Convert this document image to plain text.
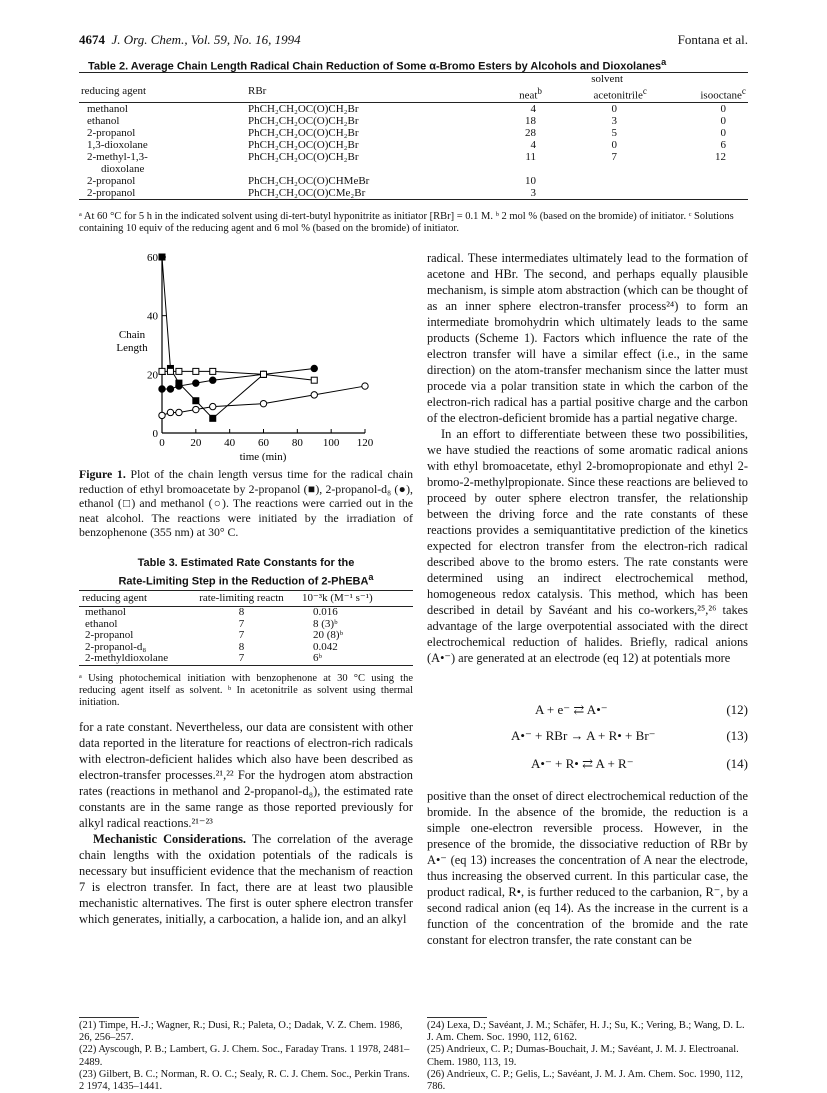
4674 J. Org. Chem., Vol. 59, No. 16, 1994	Fontana et al.
Table 2. Average Chain Length Radical Chain Reduction of Some α-Bromo Esters by Alcohols and Dioxolanes$^a$
		solvent		
reducing agent	RBr	neat$^b$	acetonitrile$^c$	isooctane$^c$
methanol	PhCH₂CH₂OC(O)CH₂Br	4	0	0
ethanol	PhCH₂CH₂OC(O)CH₂Br	18	3	0
2-propanol	PhCH₂CH₂OC(O)CH₂Br	28	5	0
1,3-dioxolane	PhCH₂CH₂OC(O)CH₂Br	4	0	6
2-methyl-1,3-	PhCH₂CH₂OC(O)CH₂Br	11	7	12
dioxolane				
2-propanol	PhCH₂CH₂OC(O)CHMeBr	10		
2-propanol	PhCH₂CH₂OC(O)CMe₂Br	3		
ᵃ At 60 °C for 5 h in the indicated solvent using di-tert-butyl hyponitrite as initiator [RBr] = 0.1 M. ᵇ 2 mol % (based on the bromide) of initiator. ᶜ Solutions containing 10 equiv of the reducing agent and 6 mol % (based on the bromide) of initiator.
0 20 40 60 80 100 120
0
20
40
60
Chain
Length
time (min)
Figure 1. Plot of the chain length versus time for the radical chain reduction of ethyl bromoacetate by 2-propanol (■), 2-propanol-d₈ (●), ethanol (□) and methanol (○). The reactions were carried out in the neat alcohol. The reactions were initiated by the irradiation of benzophenone (355 nm) at 30° C.
Table 3. Estimated Rate Constants for the
Rate-Limiting Step in the Reduction of 2-PhEBA$^a$
reducing agent	rate-limiting reactn	10⁻³k (M⁻¹ s⁻¹)
methanol	8	0.016
ethanol	7	8 (3)ᵇ
2-propanol	7	20 (8)ᵇ
2-propanol-d₈	8	0.042
2-methyldioxolane	7	6ᵇ
ᵃ Using photochemical initiation with benzophenone at 30 °C using the reducing agent itself as solvent. ᵇ In acetonitrile as solvent using thermal initiation.

for a rate constant. Nevertheless, our data are consistent with other data reported in the literature for reactions of electron-rich radicals with electron-deficient halides which also have been described as electron-transfer processes.²¹,²² For the hydrogen atom abstraction rates (reactions in methanol and 2-propanol-d₈), the estimated rate constants are in the same range as those reported previously for alkyl radical reactions.²¹⁻²³

Mechanistic Considerations. The correlation of the average chain lengths with the oxidation potentials of the radicals is necessary but insufficient evidence that the mechanism of reaction 7 is electron transfer. In fact, there are at least two plausible mechanistic alternatives. The first is outer sphere electron transfer which generates, initially, a carbocation, a halide ion, and an alkyl

radical. These intermediates ultimately lead to the formation of acetone and HBr. The second, and perhaps equally plausible mechanism, is simple atom abstraction (which can be thought of as an inner sphere electron-transfer process²⁴) to form an intermediate bromohydrin which ultimately leads to the same products (Scheme 1). Factors which influence the rate of the electron transfer will have a similar effect (i.e., in the same direction) on the atom-transfer mechanism since the latter must procede via a polar transition state in which the carbon of the electron-rich radical has a partial positive charge and the carbon of the electron-deficient bromide has a partial negative charge.

In an effort to differentiate between these two possibilities, we have studied the reactions of some aromatic radical anions with ethyl bromoacetate, ethyl 2-bromopropionate and ethyl 2-bromo-2-methylpropionate. Since these reactions are believed to proceed by outer sphere electron transfer, the relationship between the driving force and the rate constants of these reactions provides a semiquantitative prediction of the kinetics expected for electron transfer from the electron-rich radical described above to the bromo esters. The rate constants were determined using an indirect electrochemical method, homogeneous redox catalysis. This method, which has been described in detail by Savéant and his co-workers,²⁵,²⁶ takes advantage of the large overpotential associated with the direct electrochemical reduction of halides. Briefly, radical anions (A•⁻) are generated at an electrode (eq 12) at potentials more

A + e⁻ ⇄ A•⁻	(12)
A•⁻ + RBr → A + R• + Br⁻	(13)
A•⁻ + R• ⇄ A + R⁻	(14)

positive than the onset of direct electrochemical reduction of the bromide. In the absence of the bromide, the reduction is a simple one-electron reversible process. However, in the presence of the bromide, the dissociative reduction of RBr by A•⁻ (eq 13) increases the concentration of A near the electrode, thus increasing the observed current. In this particular case, the product radical, R•, is further reduced to the carbanion, R⁻, by a second radical anion (eq 14). As the increase in the current is a function of the concentration of the bromide and the rate constant for electron transfer, the rate constant can be

(21) Timpe, H.-J.; Wagner, R.; Dusi, R.; Paleta, O.; Dadak, V. Z. Chem. 1986, 26, 256–257.
(22) Ayscough, P. B.; Lambert, G. J. Chem. Soc., Faraday Trans. 1 1978, 2481–2489.
(23) Gilbert, B. C.; Norman, R. O. C.; Sealy, R. C. J. Chem. Soc., Perkin Trans. 2 1974, 1435–1441.
(24) Lexa, D.; Savéant, J. M.; Schäfer, H. J.; Su, K.; Vering, B.; Wang, D. L. J. Am. Chem. Soc. 1990, 112, 6162.
(25) Andrieux, C. P.; Dumas-Bouchait, J. M.; Savéant, J. M. J. Electroanal. Chem. 1980, 113, 19.
(26) Andrieux, C. P.; Gelis, L.; Savéant, J. M. J. Am. Chem. Soc. 1990, 112, 786.
